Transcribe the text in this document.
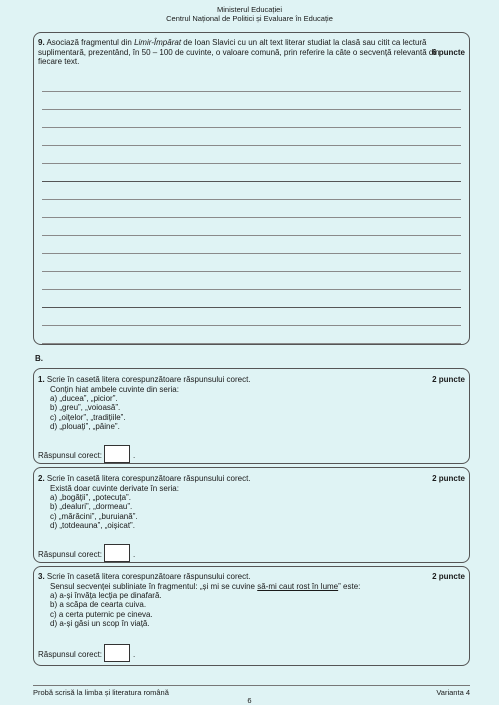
Ministerul Educației
Centrul Național de Politici și Evaluare în Educație
9. Asociază fragmentul din Limir-Împărat de Ioan Slavici cu un alt text literar studiat la clasă sau citit ca lectură suplimentară, prezentând, în 50 – 100 de cuvinte, o valoare comună, prin referire la câte o secvență relevantă din fiecare text.
6 puncte
B.
1. Scrie în casetă litera corespunzătoare răspunsului corect.	2 puncte
Conțin hiat ambele cuvinte din seria:
a) „ducea”, „picior”.
b) „greu”, „voioasă”.
c) „oițelor”, „tradițiile”.
d) „plouați”, „pâine”.
Răspunsul corect:	.
2. Scrie în casetă litera corespunzătoare răspunsului corect.	2 puncte
Există doar cuvinte derivate în seria:
a) „bogății”, „potecuța”.
b) „dealuri”, „dormeau”.
c) „mărăcini”, „buruiană”.
d) „totdeauna”, „oișicat”.
Răspunsul corect:	.
3. Scrie în casetă litera corespunzătoare răspunsului corect.	2 puncte
Sensul secvenței subliniate în fragmentul: „și mi se cuvine să-mi caut rost în lume” este:
a) a-și învăța lecția pe dinafară.
b) a scăpa de cearta cuiva.
c) a certa puternic pe cineva.
d) a-și găsi un scop în viață.
Răspunsul corect:	.
Probă scrisă la limba și literatura română	Varianta 4
6
